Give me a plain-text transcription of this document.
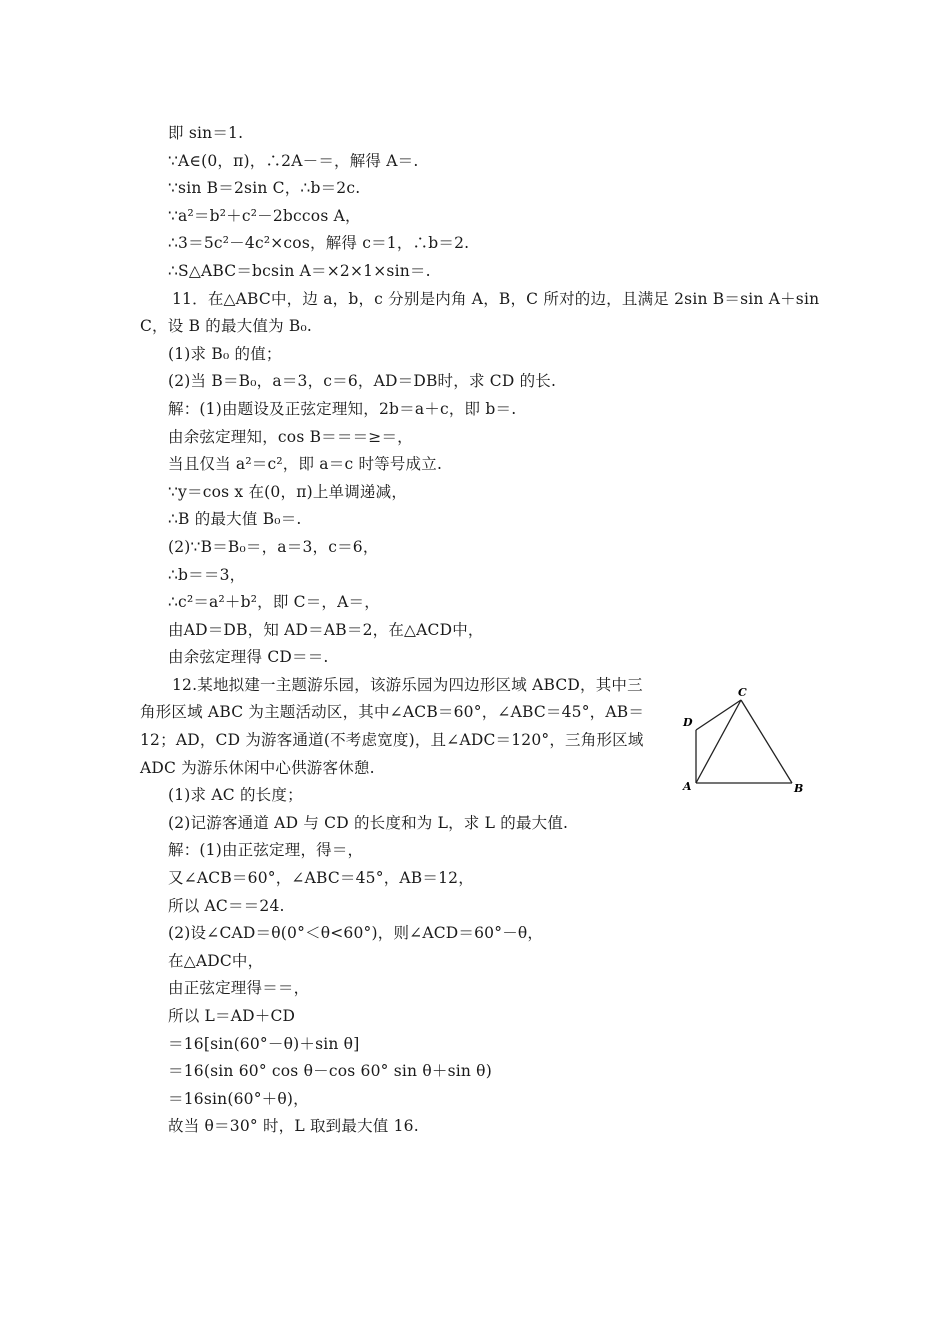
即 sin＝1.
∵A∈(0，π)，∴2A－＝，解得 A＝.
∵sin B＝2sin C，∴b＝2c.
∵a²＝b²＋c²－2bccos A，
∴3＝5c²－4c²×cos，解得 c＝1，∴b＝2.
∴S△ABC＝bcsin A＝×2×1×sin＝.
11．在△ABC中，边 a，b，c 分别是内角 A，B，C 所对的边，且满足 2sin B＝sin A＋sin
C，设 B 的最大值为 B₀.
(1)求 B₀ 的值；
(2)当 B＝B₀，a＝3，c＝6，AD＝DB时，求 CD 的长.
解：(1)由题设及正弦定理知，2b＝a＋c，即 b＝.
由余弦定理知，cos B＝＝＝≥＝，
当且仅当 a²＝c²，即 a＝c 时等号成立.
∵y＝cos x 在(0，π)上单调递减，
∴B 的最大值 B₀＝.
(2)∵B＝B₀＝，a＝3，c＝6，
∴b＝＝3，
∴c²＝a²＋b²，即 C＝，A＝，
由AD＝DB，知 AD＝AB＝2，在△ACD中，
由余弦定理得 CD＝＝.
12.某地拟建一主题游乐园，该游乐园为四边形区域 ABCD，其中三
角形区域 ABC 为主题活动区，其中∠ACB＝60°，∠ABC＝45°，AB＝
12；AD，CD 为游客通道(不考虑宽度)，且∠ADC＝120°，三角形区域
ADC 为游乐休闲中心供游客休憩.
(1)求 AC 的长度；
(2)记游客通道 AD 与 CD 的长度和为 L，求 L 的最大值.
解：(1)由正弦定理，得＝，
又∠ACB＝60°，∠ABC＝45°，AB＝12，
所以 AC＝＝24.
(2)设∠CAD＝θ(0°＜θ<60°)，则∠ACD＝60°－θ，
在△ADC中，
由正弦定理得＝＝，
所以 L＝AD＋CD
＝16[sin(60°－θ)＋sin θ]
＝16(sin 60° cos θ－cos 60° sin θ＋sin θ)
＝16sin(60°＋θ)，
故当 θ＝30° 时，L 取到最大值 16.
C
D
A	B
